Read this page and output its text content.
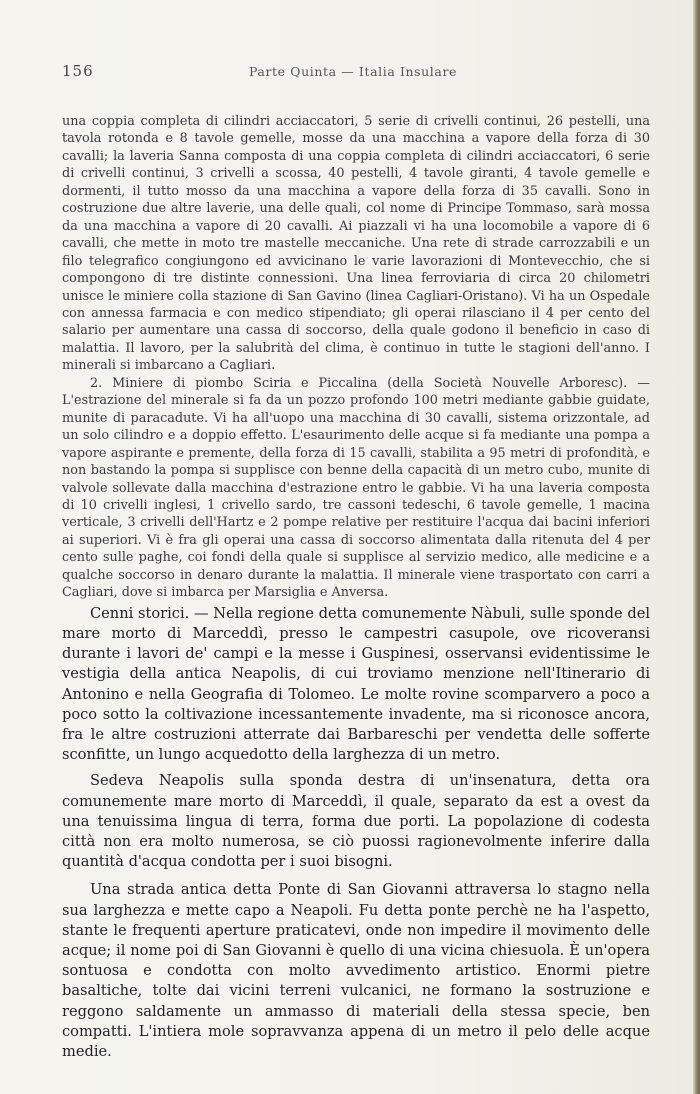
156	Parte Quinta — Italia Insulare

una coppia completa di cilindri acciaccatori, 5 serie di crivelli continui, 26 pestelli, una tavola rotonda e 8 tavole gemelle, mosse da una macchina a vapore della forza di 30 cavalli; la laveria Sanna composta di una coppia completa di cilindri acciaccatori, 6 serie di crivelli continui, 3 crivelli a scossa, 40 pestelli, 4 tavole giranti, 4 tavole gemelle e dormenti, il tutto mosso da una macchina a vapore della forza di 35 cavalli. Sono in costruzione due altre laverie, una delle quali, col nome di Principe Tommaso, sarà mossa da una macchina a vapore di 20 cavalli. Ai piazzali vi ha una locomobile a vapore di 6 cavalli, che mette in moto tre mastelle meccaniche. Una rete di strade carrozzabili e un filo telegrafico congiungono ed avvicinano le varie lavorazioni di Montevecchio, che si compongono di tre distinte connessioni. Una linea ferroviaria di circa 20 chilometri unisce le miniere colla stazione di San Gavino (linea Cagliari-Oristano). Vi ha un Ospedale con annessa farmacia e con medico stipendiato; gli operai rilasciano il 4 per cento del salario per aumentare una cassa di soccorso, della quale godono il beneficio in caso di malattia. Il lavoro, per la salubrità del clima, è continuo in tutte le stagioni dell'anno. I minerali si imbarcano a Cagliari.

2. Miniere di piombo Sciria e Piccalina (della Società Nouvelle Arboresc). — L'estrazione del minerale si fa da un pozzo profondo 100 metri mediante gabbie guidate, munite di paracadute. Vi ha all'uopo una macchina di 30 cavalli, sistema orizzontale, ad un solo cilindro e a doppio effetto. L'esaurimento delle acque si fa mediante una pompa a vapore aspirante e premente, della forza di 15 cavalli, stabilita a 95 metri di profondità, e non bastando la pompa si supplisce con benne della capacità di un metro cubo, munite di valvole sollevate dalla macchina d'estrazione entro le gabbie. Vi ha una laveria composta di 10 crivelli inglesi, 1 crivello sardo, tre cassoni tedeschi, 6 tavole gemelle, 1 macina verticale, 3 crivelli dell'Hartz e 2 pompe relative per restituire l'acqua dai bacini inferiori ai superiori. Vi è fra gli operai una cassa di soccorso alimentata dalla ritenuta del 4 per cento sulle paghe, coi fondi della quale si supplisce al servizio medico, alle medicine e a qualche soccorso in denaro durante la malattia. Il minerale viene trasportato con carri a Cagliari, dove si imbarca per Marsiglia e Anversa.

Cenni storici. — Nella regione detta comunemente Nàbuli, sulle sponde del mare morto di Marceddì, presso le campestri casupole, ove ricoveransi durante i lavori de' campi e la messe i Guspinesi, osservansi evidentissime le vestigia della antica Neapolis, di cui troviamo menzione nell'Itinerario di Antonino e nella Geografia di Tolomeo. Le molte rovine scomparvero a poco a poco sotto la coltivazione incessantemente invadente, ma si riconosce ancora, fra le altre costruzioni atterrate dai Barbareschi per vendetta delle sofferte sconfitte, un lungo acquedotto della larghezza di un metro.

Sedeva Neapolis sulla sponda destra di un'insenatura, detta ora comunemente mare morto di Marceddì, il quale, separato da est a ovest da una tenuissima lingua di terra, forma due porti. La popolazione di codesta città non era molto numerosa, se ciò puossi ragionevolmente inferire dalla quantità d'acqua condotta per i suoi bisogni.

Una strada antica detta Ponte di San Giovanni attraversa lo stagno nella sua larghezza e mette capo a Neapoli. Fu detta ponte perchè ne ha l'aspetto, stante le frequenti aperture praticatevi, onde non impedire il movimento delle acque; il nome poi di San Giovanni è quello di una vicina chiesuola. È un'opera sontuosa e condotta con molto avvedimento artistico. Enormi pietre basaltiche, tolte dai vicini terreni vulcanici, ne formano la sostruzione e reggono saldamente un ammasso di materiali della stessa specie, ben compatti. L'intiera mole sopravvanza appena di un metro il pelo delle acque medie.
